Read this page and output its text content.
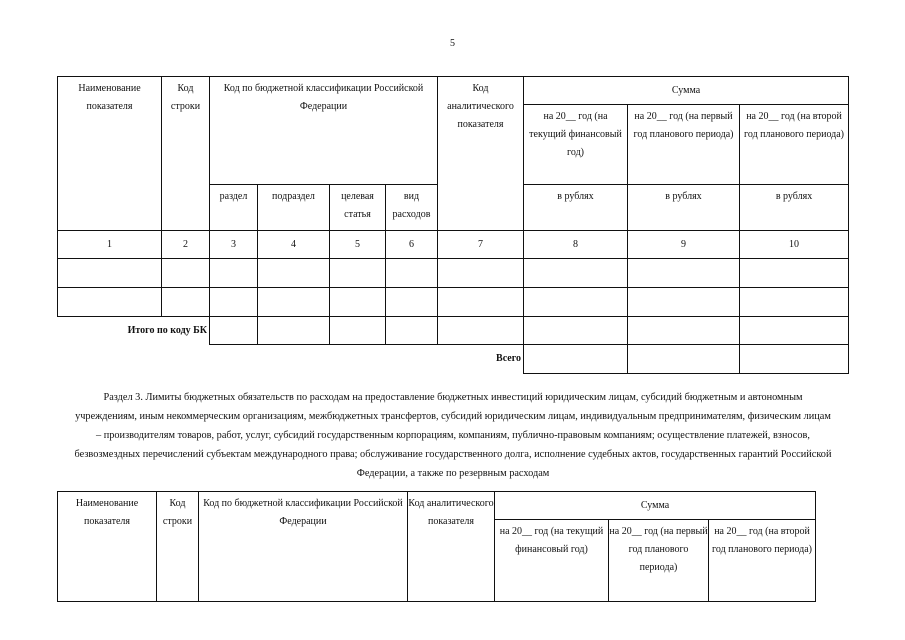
5
Наименование показателя	Код строки	Код по бюджетной классификации Российской Федерации				Код аналитического показателя	Сумма		
							на 20__ год (на текущий финансовый год)	на 20__ год (на первый год планового периода)	на 20__ год (на второй год планового периода)
		раздел	подраздел	целевая статья	вид расходов		в рублях	в рублях	в рублях
1	2	3	4	5	6	7	8	9	10

Итого по коду БК									
Всего									
Раздел 3. Лимиты бюджетных обязательств по расходам на предоставление бюджетных инвестиций юридическим лицам, субсидий бюджетным и автономным учреждениям, иным некоммерческим организациям, межбюджетных трансфертов, субсидий юридическим лицам, индивидуальным предпринимателям, физическим лицам – производителям товаров, работ, услуг, субсидий государственным корпорациям, компаниям, публично-правовым компаниям; осуществление платежей, взносов, безвозмездных перечислений субъектам международного права; обслуживание государственного долга, исполнение судебных актов, государственных гарантий Российской Федерации, а также по резервным расходам
Наименование показателя	Код строки	Код по бюджетной классификации Российской Федерации	Код аналитического показателя	Сумма		
				на 20__ год (на текущий финансовый год)	на 20__ год (на первый год планового периода)	на 20__ год (на второй год планового периода)
